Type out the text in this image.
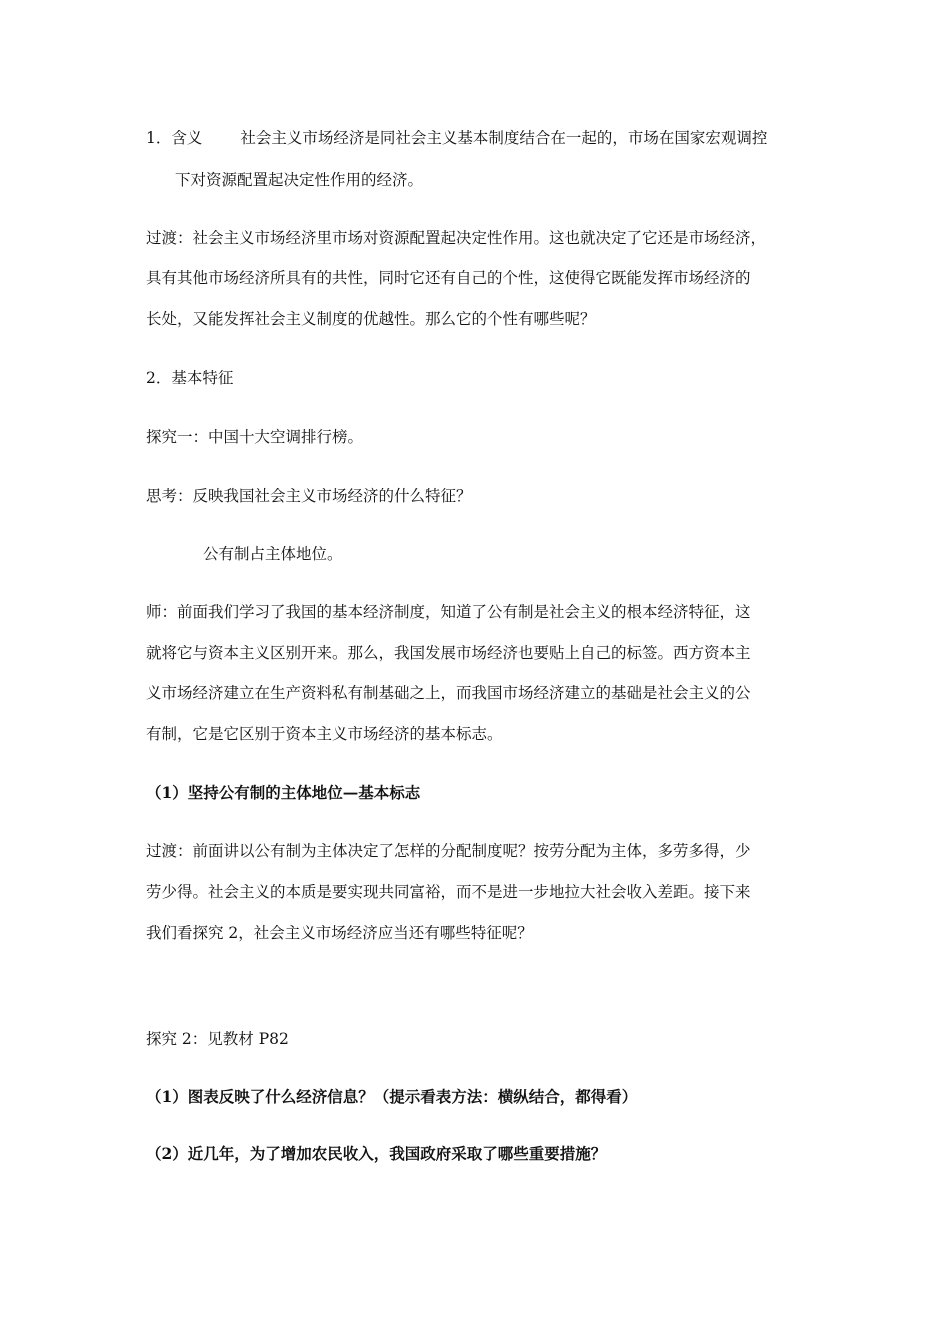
1．含义 社会主义市场经济是同社会主义基本制度结合在一起的，市场在国家宏观调控
下对资源配置起决定性作用的经济。
过渡：社会主义市场经济里市场对资源配置起决定性作用。这也就决定了它还是市场经济，
具有其他市场经济所具有的共性，同时它还有自己的个性，这使得它既能发挥市场经济的
长处，又能发挥社会主义制度的优越性。那么它的个性有哪些呢？
2．基本特征
探究一：中国十大空调排行榜。
思考：反映我国社会主义市场经济的什么特征？
公有制占主体地位。
师：前面我们学习了我国的基本经济制度，知道了公有制是社会主义的根本经济特征，这
就将它与资本主义区别开来。那么，我国发展市场经济也要贴上自己的标签。西方资本主
义市场经济建立在生产资料私有制基础之上，而我国市场经济建立的基础是社会主义的公
有制，它是它区别于资本主义市场经济的基本标志。
（1）坚持公有制的主体地位—基本标志
过渡：前面讲以公有制为主体决定了怎样的分配制度呢？按劳分配为主体，多劳多得，少
劳少得。社会主义的本质是要实现共同富裕，而不是进一步地拉大社会收入差距。接下来
我们看探究 2，社会主义市场经济应当还有哪些特征呢？
探究 2：见教材 P82
（1）图表反映了什么经济信息？（提示看表方法：横纵结合，都得看）
（2）近几年，为了增加农民收入，我国政府采取了哪些重要措施？
